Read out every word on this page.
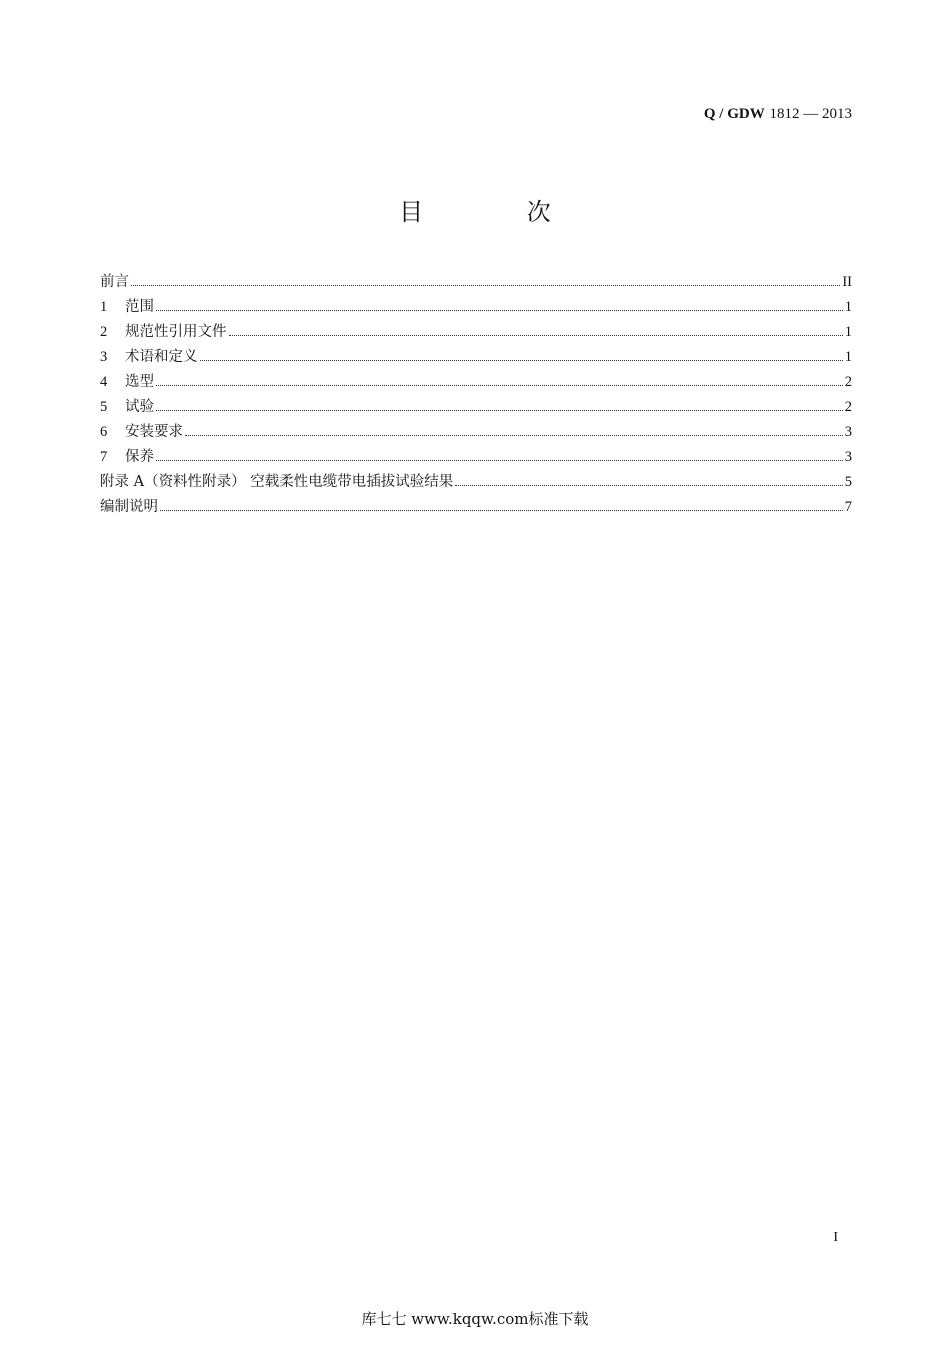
Q / GDW 1812 — 2013
目 次
前言	II
1	范围	1
2	规范性引用文件	1
3	术语和定义	1
4	选型	2
5	试验	2
6	安装要求	3
7	保养	3
附录 A（资料性附录） 空载柔性电缆带电插拔试验结果	5
编制说明	7
I
库七七 www.kqqw.com标准下载
